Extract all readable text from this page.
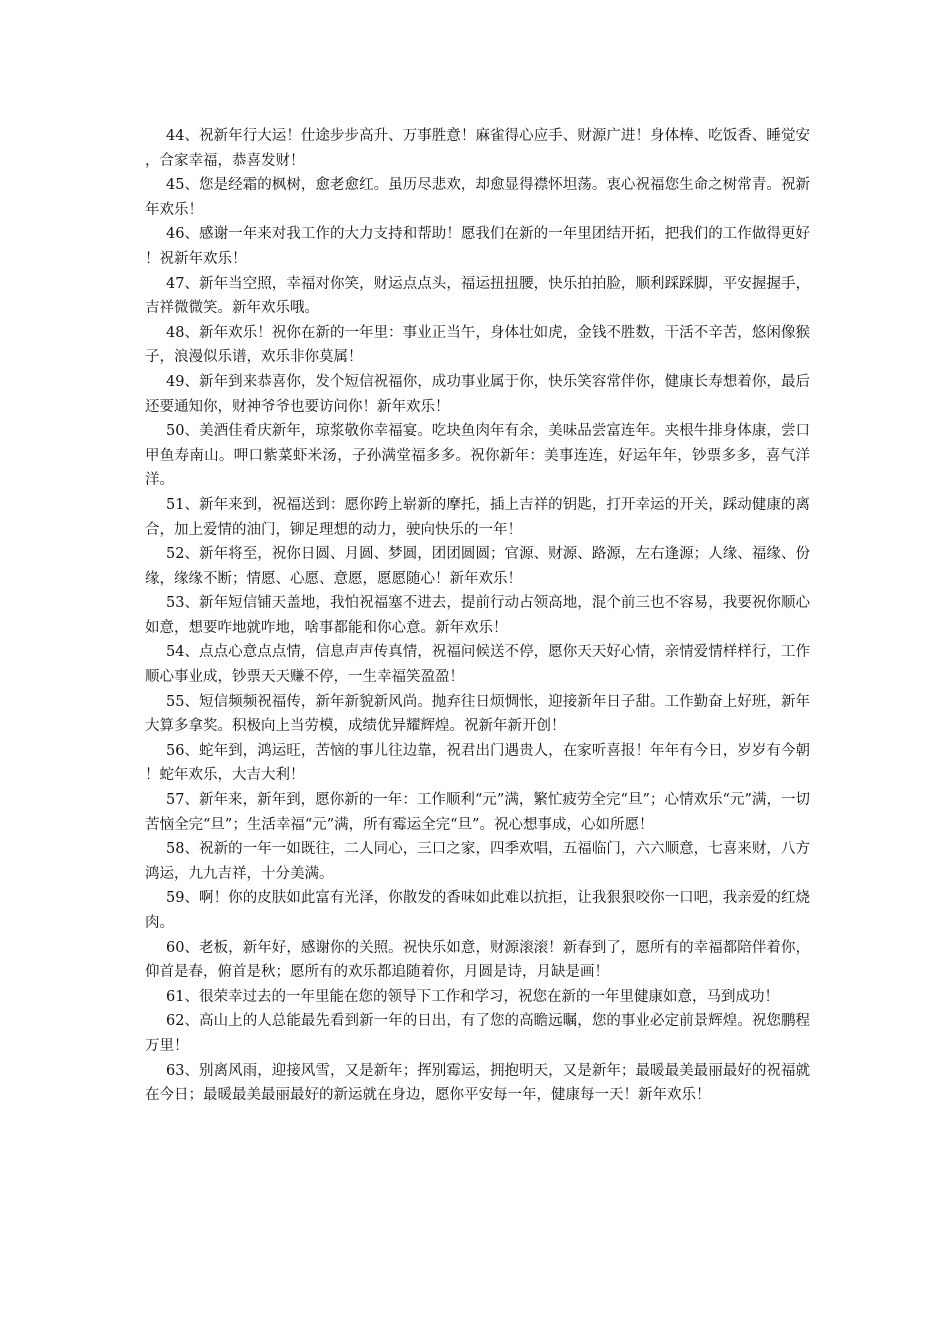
44、祝新年行大运！仕途步步高升、万事胜意！麻雀得心应手、财源广进！身体棒、吃饭香、睡觉安，合家幸福，恭喜发财！

45、您是经霜的枫树，愈老愈红。虽历尽悲欢，却愈显得襟怀坦荡。衷心祝福您生命之树常青。祝新年欢乐！

46、感谢一年来对我工作的大力支持和帮助！愿我们在新的一年里团结开拓，把我们的工作做得更好！祝新年欢乐！

47、新年当空照，幸福对你笑，财运点点头，福运扭扭腰，快乐拍拍脸，顺利踩踩脚，平安握握手，吉祥微微笑。新年欢乐哦。

48、新年欢乐！祝你在新的一年里：事业正当午，身体壮如虎，金钱不胜数，干活不辛苦，悠闲像猴子，浪漫似乐谱，欢乐非你莫属！

49、新年到来恭喜你，发个短信祝福你，成功事业属于你，快乐笑容常伴你，健康长寿想着你，最后还要通知你，财神爷爷也要访问你！新年欢乐！

50、美酒佳肴庆新年，琼浆敬你幸福宴。吃块鱼肉年有余，美味品尝富连年。夹根牛排身体康，尝口甲鱼寿南山。呷口紫菜虾米汤，子孙满堂福多多。祝你新年：美事连连，好运年年，钞票多多，喜气洋洋。

51、新年来到，祝福送到：愿你跨上崭新的摩托，插上吉祥的钥匙，打开幸运的开关，踩动健康的离合，加上爱情的油门，铆足理想的动力，驶向快乐的一年！

52、新年将至，祝你日圆、月圆、梦圆，团团圆圆；官源、财源、路源，左右逢源；人缘、福缘、份缘，缘缘不断；情愿、心愿、意愿，愿愿随心！新年欢乐！

53、新年短信铺天盖地，我怕祝福塞不进去，提前行动占领高地，混个前三也不容易，我要祝你顺心如意，想要咋地就咋地，啥事都能和你心意。新年欢乐！

54、点点心意点点情，信息声声传真情，祝福问候送不停，愿你天天好心情，亲情爱情样样行，工作顺心事业成，钞票天天赚不停，一生幸福笑盈盈！

55、短信频频祝福传，新年新貌新风尚。抛弃往日烦惆怅，迎接新年日子甜。工作勤奋上好班，新年大算多拿奖。积极向上当劳模，成绩优异耀辉煌。祝新年新开创！

56、蛇年到，鸿运旺，苦恼的事儿往边靠，祝君出门遇贵人，在家听喜报！年年有今日，岁岁有今朝！蛇年欢乐，大吉大利！

57、新年来，新年到，愿你新的一年：工作顺利“元”满，繁忙疲劳全完“旦”；心情欢乐“元”满，一切苦恼全完“旦”；生活幸福“元”满，所有霉运全完“旦”。祝心想事成，心如所愿！

58、祝新的一年一如既往，二人同心，三口之家，四季欢唱，五福临门，六六顺意，七喜来财，八方鸿运，九九吉祥，十分美满。

59、啊！你的皮肤如此富有光泽，你散发的香味如此难以抗拒，让我狠狠咬你一口吧，我亲爱的红烧肉。

60、老板，新年好，感谢你的关照。祝快乐如意，财源滚滚！新春到了，愿所有的幸福都陪伴着你，仰首是春，俯首是秋；愿所有的欢乐都追随着你，月圆是诗，月缺是画！

61、很荣幸过去的一年里能在您的领导下工作和学习，祝您在新的一年里健康如意，马到成功！

62、高山上的人总能最先看到新一年的日出，有了您的高瞻远瞩，您的事业必定前景辉煌。祝您鹏程万里！

63、别离风雨，迎接风雪，又是新年；挥别霉运，拥抱明天，又是新年；最暖最美最丽最好的祝福就在今日；最暖最美最丽最好的新运就在身边，愿你平安每一年，健康每一天！新年欢乐！
